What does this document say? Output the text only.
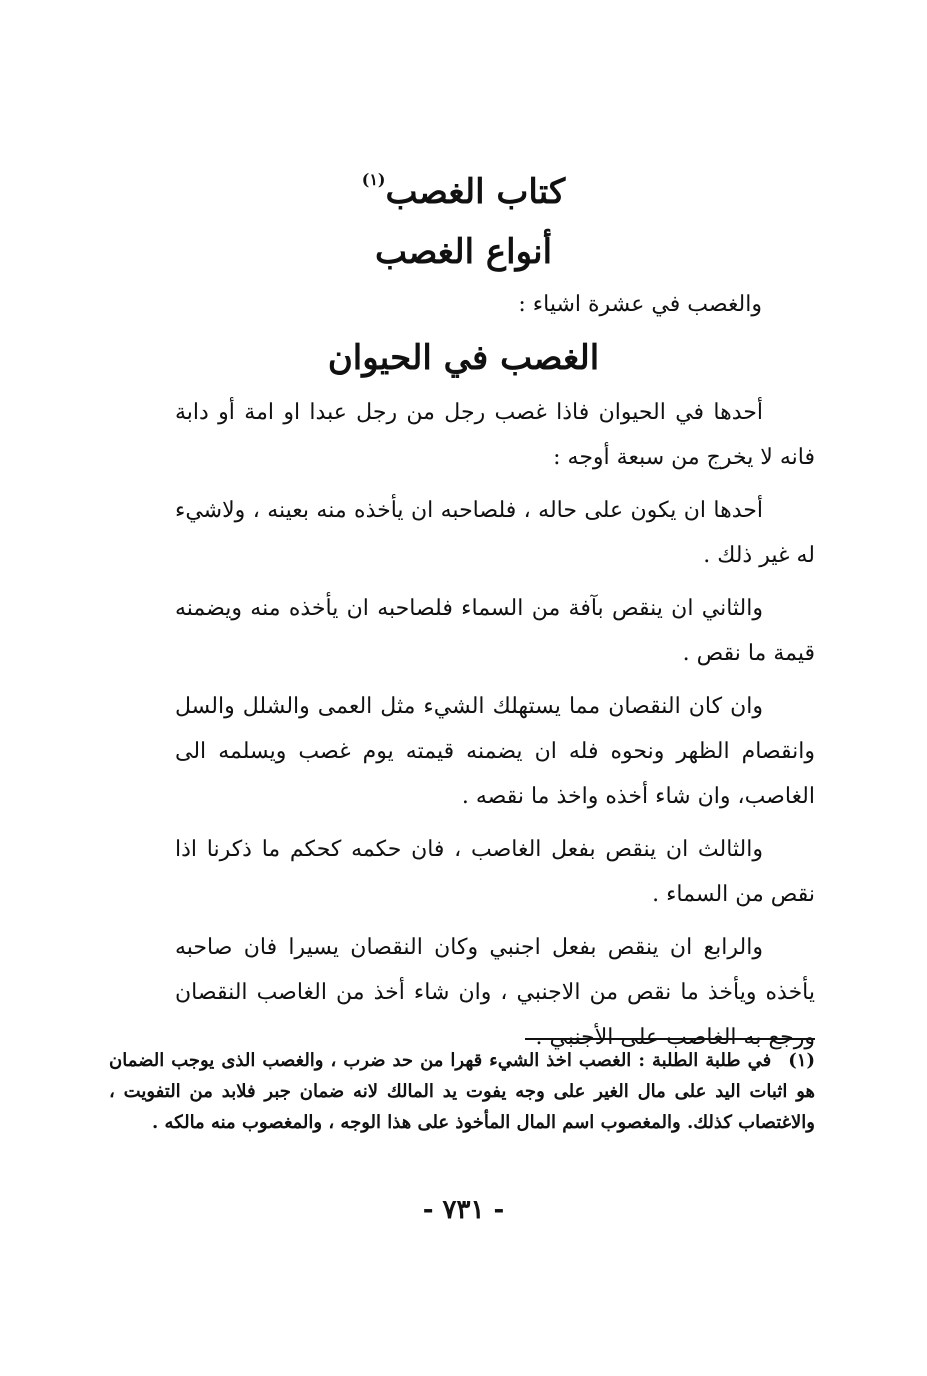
كتاب الغصب$^{(١)}$
أنواع الغصب
والغصب في عشرة اشياء :
الغصب في الحيوان

أحدها في الحيوان فاذا غصب رجل من رجل عبدا او امة أو دابة فانه لا يخرج من سبعة أوجه :

أحدها ان يكون على حاله ، فلصاحبه ان يأخذه منه بعينه ، ولاشيء له غير ذلك .

والثاني ان ينقص بآفة من السماء فلصاحبه ان يأخذه منه ويضمنه قيمة ما نقص .

وان كان النقصان مما يستهلك الشيء مثل العمى والشلل والسل وانقصام الظهر ونحوه فله ان يضمنه قيمته يوم غصب ويسلمه الى الغاصب، وان شاء أخذه واخذ ما نقصه .

والثالث ان ينقص بفعل الغاصب ، فان حكمه كحكم ما ذكرنا اذا نقص من السماء .

والرابع ان ينقص بفعل اجنبي وكان النقصان يسيرا فان صاحبه يأخذه ويأخذ ما نقص من الاجنبي ، وان شاء أخذ من الغاصب النقصان ورجع به الغاصب على الأجنبي .

(١) في طلبة الطلبة : الغصب اخذ الشيء قهرا من حد ضرب ، والغصب الذى يوجب الضمان هو اثبات اليد على مال الغير على وجه يفوت يد المالك لانه ضمان جبر فلابد من التفويت ، والاغتصاب كذلك. والمغصوب اسم المال المأخوذ على هذا الوجه ، والمغصوب منه مالكه .
- ٧٣١ -
